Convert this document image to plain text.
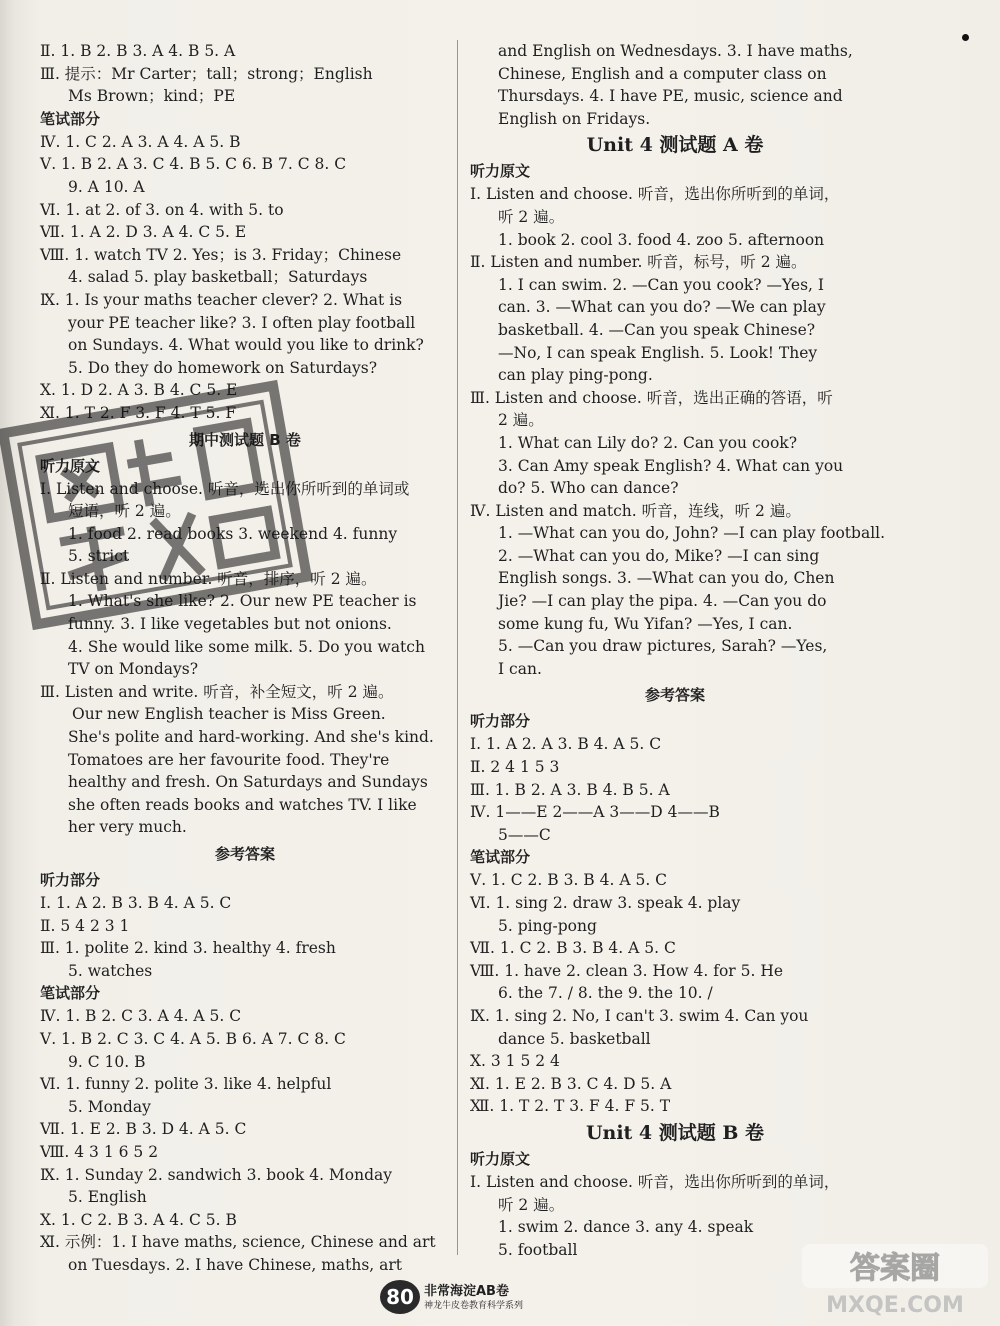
Ⅱ. 1. B 2. B 3. A 4. B 5. A
Ⅲ. 提示：Mr Carter；tall；strong；English
Ms Brown；kind；PE
笔试部分
Ⅳ. 1. C 2. A 3. A 4. A 5. B
Ⅴ. 1. B 2. A 3. C 4. B 5. C 6. B 7. C 8. C
9. A 10. A
Ⅵ. 1. at 2. of 3. on 4. with 5. to
Ⅶ. 1. A 2. D 3. A 4. C 5. E
Ⅷ. 1. watch TV 2. Yes；is 3. Friday；Chinese
4. salad 5. play basketball；Saturdays
Ⅸ. 1. Is your maths teacher clever? 2. What is
your PE teacher like? 3. I often play football
on Sundays. 4. What would you like to drink?
5. Do they do homework on Saturdays?
Ⅹ. 1. D 2. A 3. B 4. C 5. E
Ⅺ. 1. T 2. F 3. F 4. T 5. F
期中测试题 B 卷
听力原文
Ⅰ. Listen and choose. 听音，选出你所听到的单词或
短语，听 2 遍。
1. food 2. read books 3. weekend 4. funny
5. strict
Ⅱ. Listen and number. 听音，排序，听 2 遍。
1. What's she like? 2. Our new PE teacher is
funny. 3. I like vegetables but not onions.
4. She would like some milk. 5. Do you watch
TV on Mondays?
Ⅲ. Listen and write. 听音，补全短文，听 2 遍。
Our new English teacher is Miss Green.
She's polite and hard-working. And she's kind.
Tomatoes are her favourite food. They're
healthy and fresh. On Saturdays and Sundays
she often reads books and watches TV. I like
her very much.
参考答案
听力部分
Ⅰ. 1. A 2. B 3. B 4. A 5. C
Ⅱ. 5 4 2 3 1
Ⅲ. 1. polite 2. kind 3. healthy 4. fresh
5. watches
笔试部分
Ⅳ. 1. B 2. C 3. A 4. A 5. C
Ⅴ. 1. B 2. C 3. C 4. A 5. B 6. A 7. C 8. C
9. C 10. B
Ⅵ. 1. funny 2. polite 3. like 4. helpful
5. Monday
Ⅶ. 1. E 2. B 3. D 4. A 5. C
Ⅷ. 4 3 1 6 5 2
Ⅸ. 1. Sunday 2. sandwich 3. book 4. Monday
5. English
Ⅹ. 1. C 2. B 3. A 4. C 5. B
Ⅺ. 示例：1. I have maths, science, Chinese and art
on Tuesdays. 2. I have Chinese, maths, art
and English on Wednesdays. 3. I have maths,
Chinese, English and a computer class on
Thursdays. 4. I have PE, music, science and
English on Fridays.
Unit 4 测试题 A 卷
听力原文
Ⅰ. Listen and choose. 听音，选出你所听到的单词，
听 2 遍。
1. book 2. cool 3. food 4. zoo 5. afternoon
Ⅱ. Listen and number. 听音，标号，听 2 遍。
1. I can swim. 2. —Can you cook? —Yes, I
can. 3. —What can you do? —We can play
basketball. 4. —Can you speak Chinese?
—No, I can speak English. 5. Look! They
can play ping-pong.
Ⅲ. Listen and choose. 听音，选出正确的答语，听
2 遍。
1. What can Lily do? 2. Can you cook?
3. Can Amy speak English? 4. What can you
do? 5. Who can dance?
Ⅳ. Listen and match. 听音，连线，听 2 遍。
1. —What can you do, John? —I can play football.
2. —What can you do, Mike? —I can sing
English songs. 3. —What can you do, Chen
Jie? —I can play the pipa. 4. —Can you do
some kung fu, Wu Yifan? —Yes, I can.
5. —Can you draw pictures, Sarah? —Yes,
I can.
参考答案
听力部分
Ⅰ. 1. A 2. A 3. B 4. A 5. C
Ⅱ. 2 4 1 5 3
Ⅲ. 1. B 2. A 3. B 4. B 5. A
Ⅳ. 1——E 2——A 3——D 4——B
5——C
笔试部分
Ⅴ. 1. C 2. B 3. B 4. A 5. C
Ⅵ. 1. sing 2. draw 3. speak 4. play
5. ping-pong
Ⅶ. 1. C 2. B 3. B 4. A 5. C
Ⅷ. 1. have 2. clean 3. How 4. for 5. He
6. the 7. / 8. the 9. the 10. /
Ⅸ. 1. sing 2. No, I can't 3. swim 4. Can you
dance 5. basketball
Ⅹ. 3 1 5 2 4
Ⅺ. 1. E 2. B 3. C 4. D 5. A
Ⅻ. 1. T 2. T 3. F 4. F 5. T
Unit 4 测试题 B 卷
听力原文
Ⅰ. Listen and choose. 听音，选出你所听到的单词，
听 2 遍。
1. swim 2. dance 3. any 4. speak
5. football
80 非常海淀AB卷
神龙牛皮卷教育科学系列
答案圈
MXQE.COM
